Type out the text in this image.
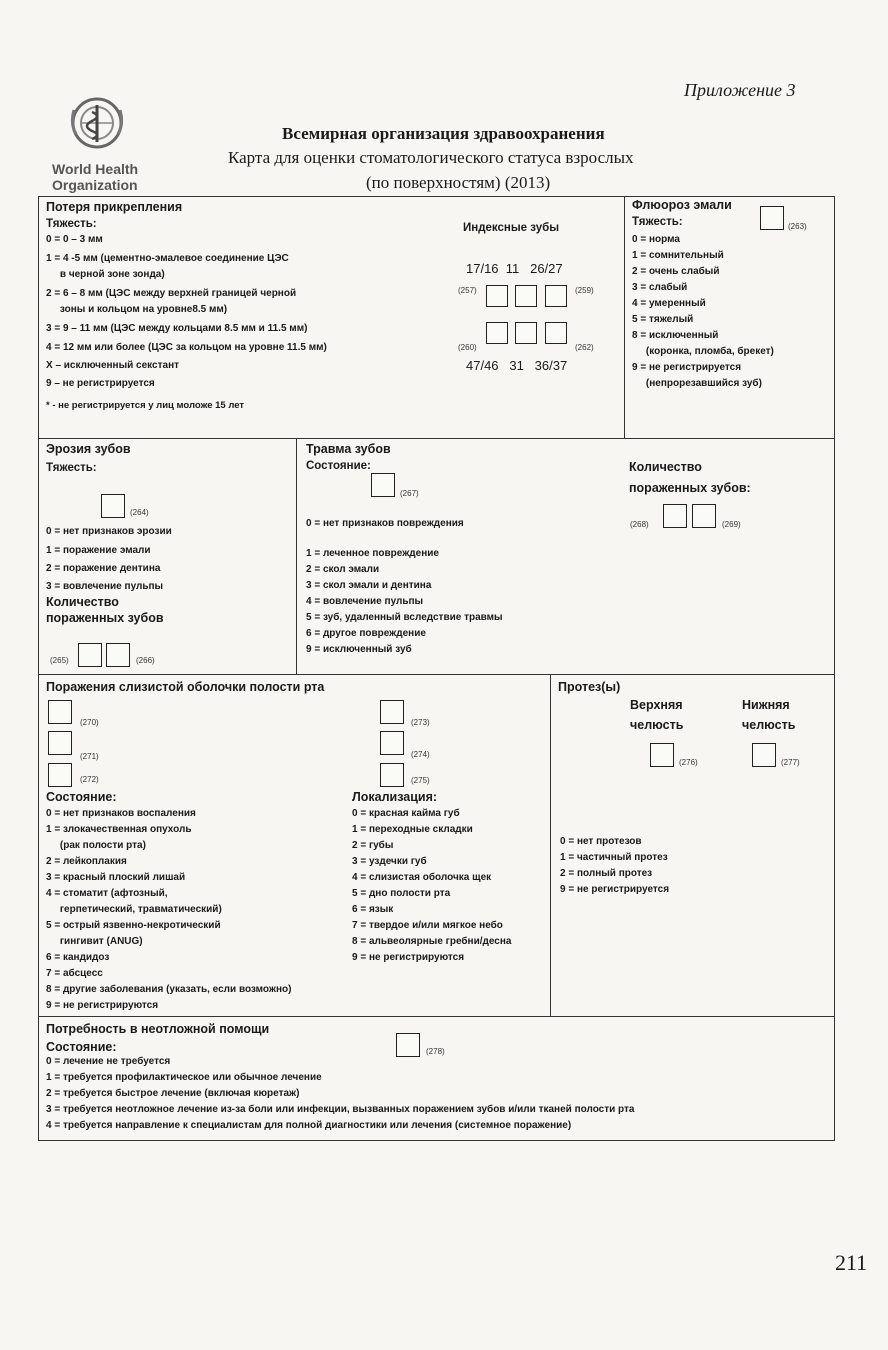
Приложение 3
World Health
Organization
Всемирная организация здравоохранения
Карта для оценки стоматологического статуса взрослых
(по поверхностям) (2013)
Потеря прикрепления
Тяжесть:
0 = 0 – 3 мм
1 = 4 -5 мм (цементно-эмалевое соединение ЦЭС
в черной зоне зонда)
2 = 6 – 8 мм (ЦЭС между верхней границей черной
зоны и кольцом на уровне8.5 мм)
3 = 9 – 11 мм (ЦЭС между кольцами 8.5 мм и 11.5 мм)
4 = 12 мм или более (ЦЭС за кольцом на уровне 11.5 мм)
X – исключенный секстант
9 – не регистрируется
* - не регистрируется у лиц моложе 15 лет
Индексные зубы
17/16  11   26/27
(257)	(259)
(260)	(262)
47/46   31   36/37
Флюороз эмали
Тяжесть:
0 = норма
1 = сомнительный
2 = очень слабый
3 = слабый
4 = умеренный
5 = тяжелый
8 = исключенный
(коронка, пломба, брекет)
9 = не регистрируется
(непрорезавшийся зуб)
(263)
Эрозия зубов
Тяжесть:
(264)
0 = нет признаков эрозии
1 = поражение эмали
2 = поражение дентина
3 = вовлечение пульпы
Количество
пораженных зубов
(265)	(266)
Травма зубов
Состояние:
(267)
0 = нет признаков повреждения
1 = леченное повреждение
2 = скол эмали
3 = скол эмали и дентина
4 = вовлечение пульпы
5 = зуб, удаленный вследствие травмы
6 = другое повреждение
9 = исключенный зуб
Количество
пораженных зубов:
(268)	(269)
Поражения слизистой оболочки полости рта
(270)
(271)
(272)
(273)
(274)
(275)
Состояние:
0 = нет признаков воспаления
1 = злокачественная опухоль
(рак полости рта)
2 = лейкоплакия
3 = красный плоский лишай
4 = стоматит (афтозный,
герпетический, травматический)
5 = острый язвенно-некротический
гингивит (ANUG)
6 = кандидоз
7 = абсцесс
8 = другие заболевания (указать, если возможно)
9 = не регистрируются
Локализация:
0 = красная кайма губ
1 = переходные складки
2 = губы
3 = уздечки губ
4 = слизистая оболочка щек
5 = дно полости рта
6 = язык
7 = твердое и/или мягкое небо
8 = альвеолярные гребни/десна
9 = не регистрируются
Протез(ы)
Верхняя
челюсть
Нижняя
челюсть
(276)	(277)
0 = нет протезов
1 = частичный протез
2 = полный протез
9 = не регистрируется
Потребность в неотложной помощи
Состояние:
0 = лечение не требуется
1 = требуется профилактическое или обычное лечение
2 = требуется быстрое лечение (включая кюретаж)
3 = требуется неотложное лечение из-за боли или инфекции, вызванных поражением зубов и/или тканей полости рта
4 = требуется направление к специалистам для полной диагностики или лечения (системное поражение)
(278)
211
